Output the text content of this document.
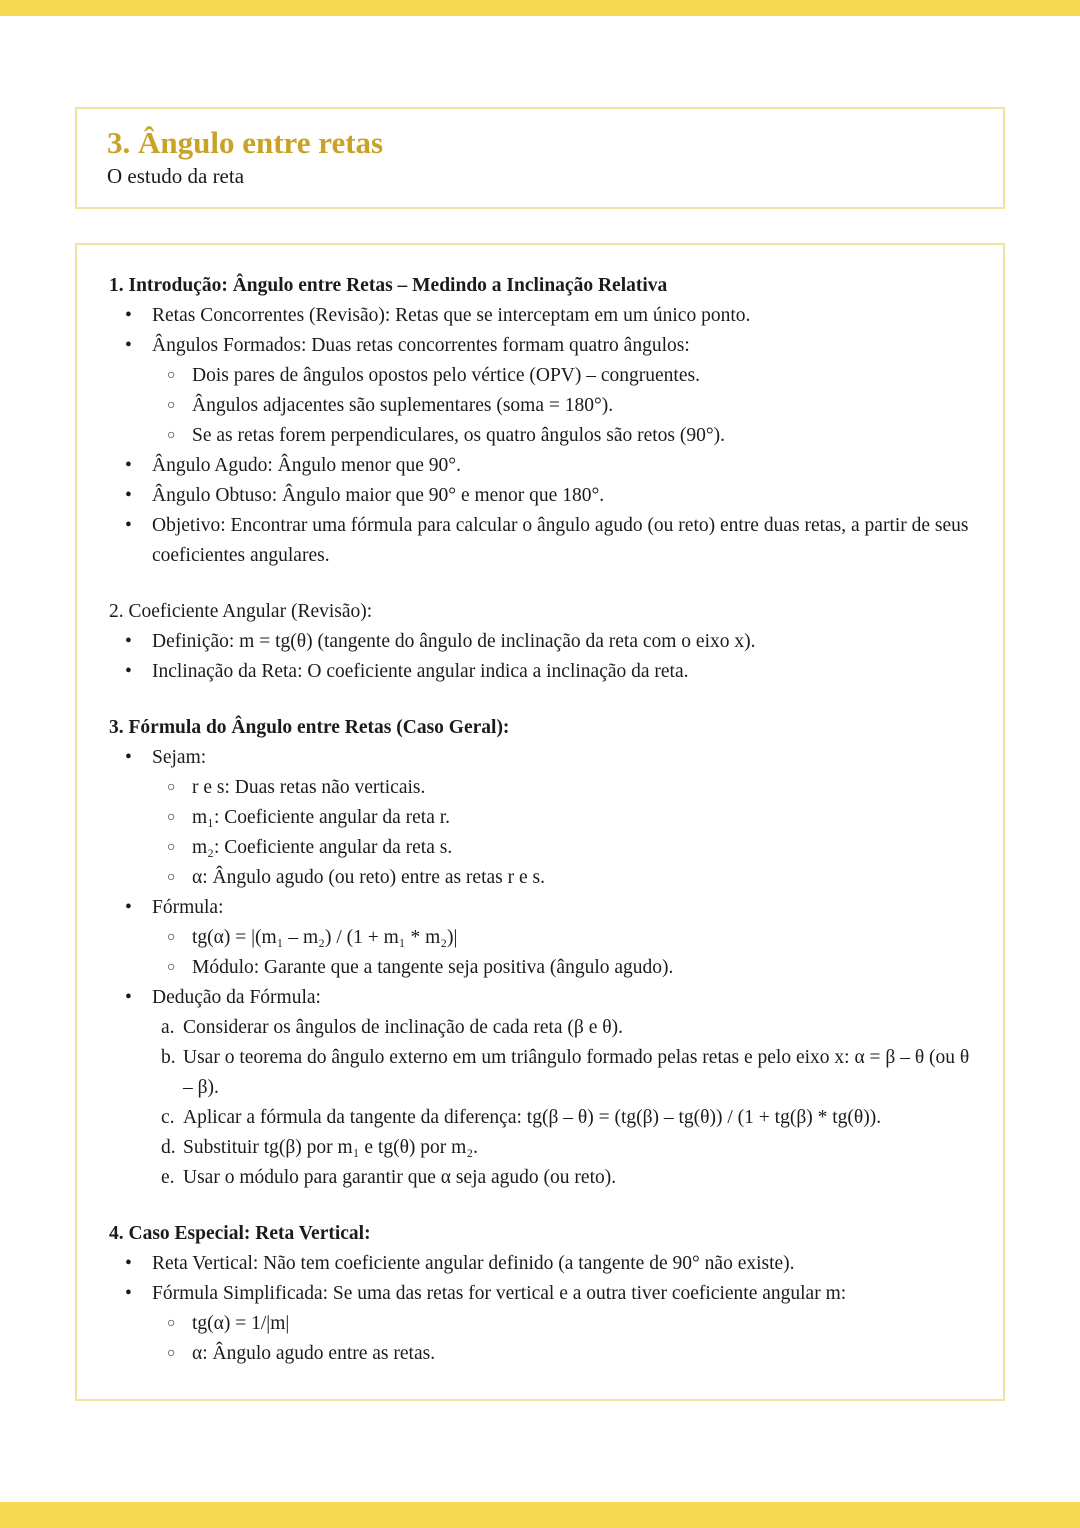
3. Ângulo entre retas
O estudo da reta
1. Introdução: Ângulo entre Retas – Medindo a Inclinação Relativa
•	Retas Concorrentes (Revisão): Retas que se interceptam em um único ponto.
•	Ângulos Formados: Duas retas concorrentes formam quatro ângulos:
○ Dois pares de ângulos opostos pelo vértice (OPV) – congruentes.
○ Ângulos adjacentes são suplementares (soma = 180°).
○ Se as retas forem perpendiculares, os quatro ângulos são retos (90°).
•	Ângulo Agudo: Ângulo menor que 90°.
•	Ângulo Obtuso: Ângulo maior que 90° e menor que 180°.
•	Objetivo: Encontrar uma fórmula para calcular o ângulo agudo (ou reto) entre duas retas, a partir de seus coeficientes angulares.
2. Coeficiente Angular (Revisão):
•	Definição: m = tg(θ) (tangente do ângulo de inclinação da reta com o eixo x).
•	Inclinação da Reta: O coeficiente angular indica a inclinação da reta.
3. Fórmula do Ângulo entre Retas (Caso Geral):
•	Sejam:
○ r e s: Duas retas não verticais.
○ m₁: Coeficiente angular da reta r.
○ m₂: Coeficiente angular da reta s.
○ α: Ângulo agudo (ou reto) entre as retas r e s.
•	Fórmula:
○ tg(α) = |(m₁ – m₂) / (1 + m₁ * m₂)|
○ Módulo: Garante que a tangente seja positiva (ângulo agudo).
•	Dedução da Fórmula:
a. Considerar os ângulos de inclinação de cada reta (β e θ).
b. Usar o teorema do ângulo externo em um triângulo formado pelas retas e pelo eixo x: α = β – θ (ou θ – β).
c. Aplicar a fórmula da tangente da diferença: tg(β – θ) = (tg(β) – tg(θ)) / (1 + tg(β) * tg(θ)).
d. Substituir tg(β) por m₁ e tg(θ) por m₂.
e. Usar o módulo para garantir que α seja agudo (ou reto).
4. Caso Especial: Reta Vertical:
•	Reta Vertical: Não tem coeficiente angular definido (a tangente de 90° não existe).
•	Fórmula Simplificada: Se uma das retas for vertical e a outra tiver coeficiente angular m:
○ tg(α) = 1/|m|
○ α: Ângulo agudo entre as retas.
